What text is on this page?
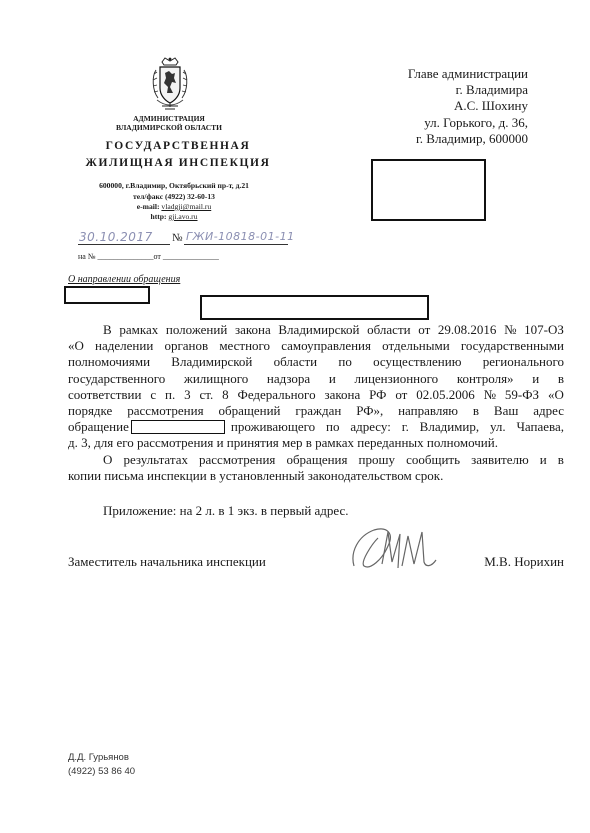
АДМИНИСТРАЦИЯ
ВЛАДИМИРСКОЙ ОБЛАСТИ
ГОСУДАРСТВЕННАЯ
ЖИЛИЩНАЯ ИНСПЕКЦИЯ
600000, г.Владимир, Октябрьский пр-т, д.21
тел/факс (4922) 32-60-13
e-mail: vladgji@mail.ru
http: gji.avo.ru
Главе администрации
г. Владимира
А.С. Шохину
ул. Горького, д. 36,
г. Владимир, 600000
30.10.2017 № ГЖИ-10818-01-11
на № ______________от ______________
О направлении обращения
В рамках положений закона Владимирской области от 29.08.2016 № 107-ОЗ
«О наделении органов местного самоуправления отдельными государственными
полномочиями Владимирской области по осуществлению регионального
государственного жилищного надзора и лицензионного контроля» и в
соответствии с п. 3 ст. 8 Федерального закона РФ от 02.05.2006 № 59-ФЗ «О
порядке рассмотрения обращений граждан РФ», направляю в Ваш адрес
обращение	проживающего по адресу: г. Владимир, ул. Чапаева,
д. 3, для его рассмотрения и принятия мер в рамках переданных полномочий.
О результатах рассмотрения обращения прошу сообщить заявителю и в
копии письма инспекции в установленный законодательством срок.
Приложение: на 2 л. в 1 экз. в первый адрес.
Заместитель начальника инспекции	М.В. Норихин
Д.Д. Гурьянов
(4922) 53 86 40
